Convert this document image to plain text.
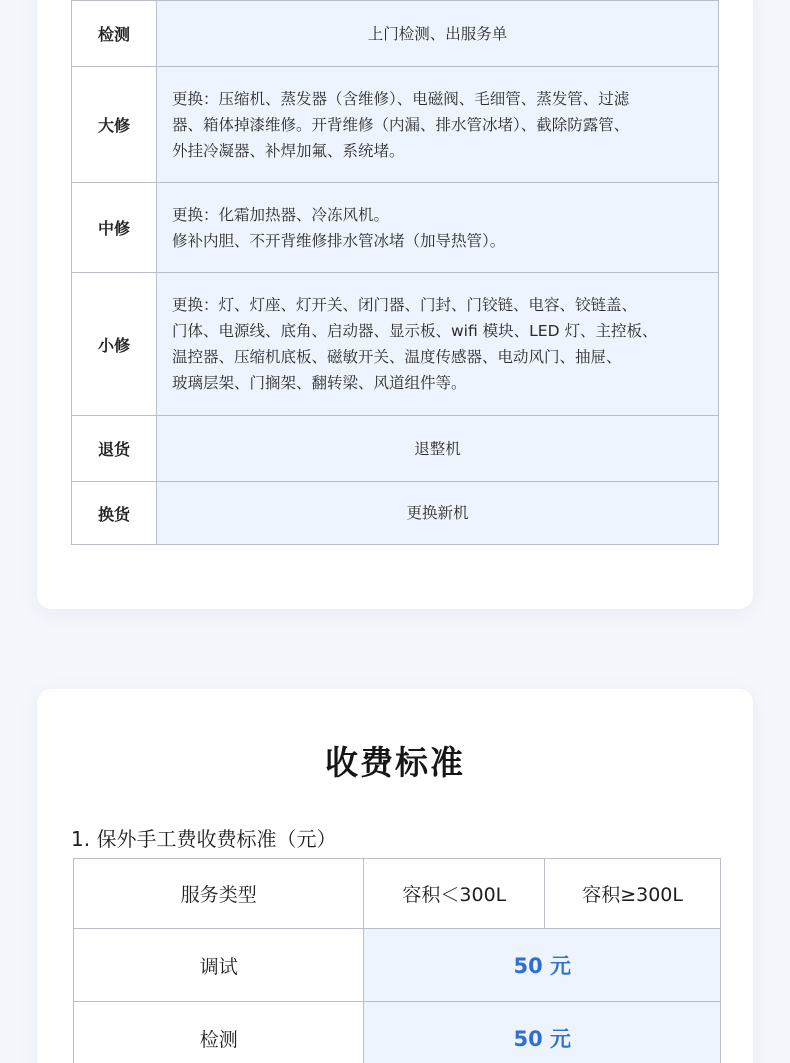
检测	上门检测、出服务单
大修	更换：压缩机、蒸发器（含维修）、电磁阀、毛细管、蒸发管、过滤
器、箱体掉漆维修。开背维修（内漏、排水管冰堵）、截除防露管、
外挂冷凝器、补焊加氟、系统堵。

中修	更换：化霜加热器、冷冻风机。
修补内胆、不开背维修排水管冰堵（加导热管）。

小修	更换：灯、灯座、灯开关、闭门器、门封、门铰链、电容、铰链盖、
门体、电源线、底角、启动器、显示板、wifi 模块、LED 灯、主控板、
温控器、压缩机底板、磁敏开关、温度传感器、电动风门、抽屉、
玻璃层架、门搁架、翻转梁、风道组件等。

退货	退整机
换货	更换新机
收费标准
1. 保外手工费收费标准（元）
服务类型	容积＜300L	容积≥300L
调试	50 元	
检测	50 元	
